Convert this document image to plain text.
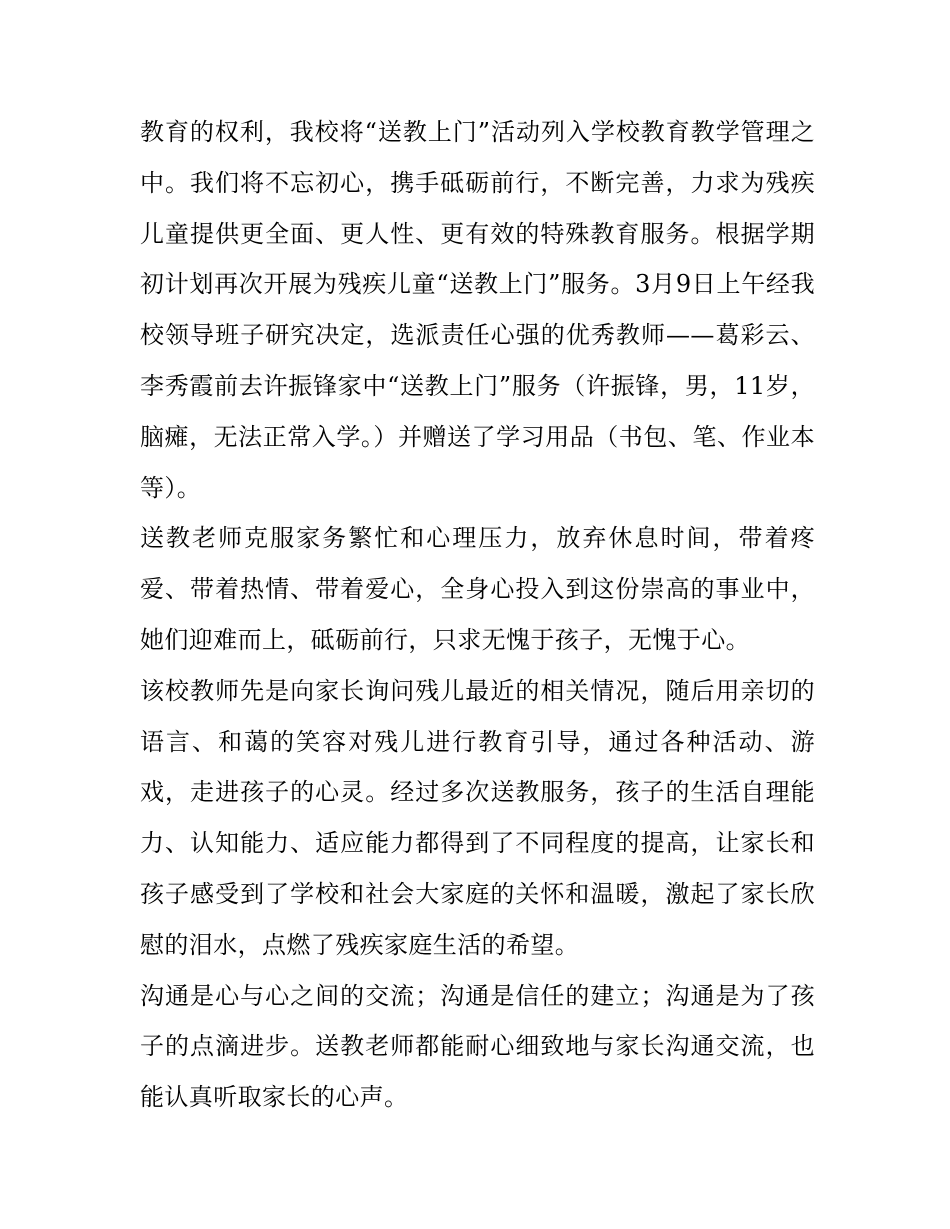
教育的权利，我校将“送教上门”活动列入学校教育教学管理之中。我们将不忘初心，携手砥砺前行，不断完善，力求为残疾儿童提供更全面、更人性、更有效的特殊教育服务。根据学期初计划再次开展为残疾儿童“送教上门”服务。3月9日上午经我校领导班子研究决定，选派责任心强的优秀教师——葛彩云、李秀霞前去许振锋家中“送教上门”服务（许振锋，男，11岁，脑瘫，无法正常入学。）并赠送了学习用品（书包、笔、作业本等）。

送教老师克服家务繁忙和心理压力，放弃休息时间，带着疼爱、带着热情、带着爱心，全身心投入到这份崇高的事业中，她们迎难而上，砥砺前行，只求无愧于孩子，无愧于心。

该校教师先是向家长询问残儿最近的相关情况，随后用亲切的语言、和蔼的笑容对残儿进行教育引导，通过各种活动、游戏，走进孩子的心灵。经过多次送教服务，孩子的生活自理能力、认知能力、适应能力都得到了不同程度的提高，让家长和孩子感受到了学校和社会大家庭的关怀和温暖，激起了家长欣慰的泪水，点燃了残疾家庭生活的希望。

沟通是心与心之间的交流；沟通是信任的建立；沟通是为了孩子的点滴进步。送教老师都能耐心细致地与家长沟通交流，也能认真听取家长的心声。
